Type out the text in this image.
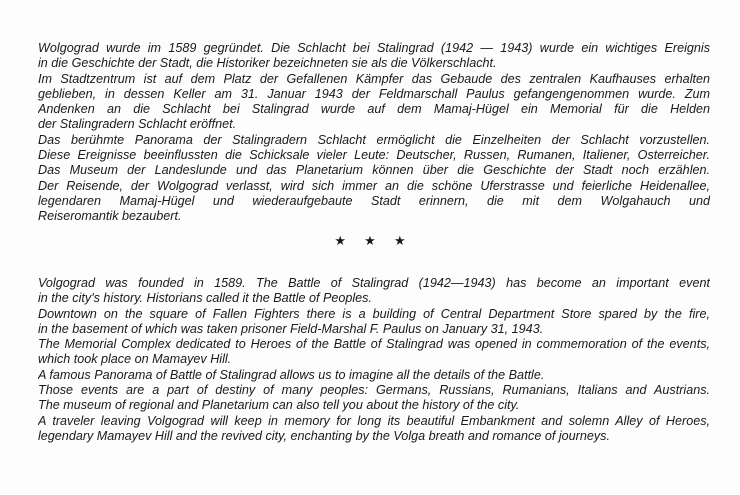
Wolgograd wurde im 1589 gegründet. Die Schlacht bei Stalingrad (1942 — 1943) wurde ein wichtiges Ereignis
in die Geschichte der Stadt, die Historiker bezeichneten sie als die Völkerschlacht.
Im Stadtzentrum ist auf dem Platz der Gefallenen Kämpfer das Gebaude des zentralen Kaufhauses erhalten
geblieben, in dessen Keller am 31. Januar 1943 der Feldmarschall Paulus gefangengenommen wurde. Zum
Andenken an die Schlacht bei Stalingrad wurde auf dem Mamaj-Hügel ein Memorial für die Helden
der Stalingradern Schlacht eröffnet.
Das berühmte Panorama der Stalingradern Schlacht ermöglicht die Einzelheiten der Schlacht vorzustellen.
Diese Ereignisse beeinflussten die Schicksale vieler Leute: Deutscher, Russen, Rumanen, Italiener, Osterreicher.
Das Museum der Landeslunde und das Planetarium können über die Geschichte der Stadt noch erzählen.
Der Reisende, der Wolgograd verlasst, wird sich immer an die schöne Uferstrasse und feierliche Heidenallee,
legendaren Mamaj-Hügel und wiederaufgebaute Stadt erinnern, die mit dem Wolgahauch und
Reiseromantik bezaubert.
★ ★ ★
Volgograd was founded in 1589. The Battle of Stalingrad (1942—1943) has become an important event
in the city's history. Historians called it the Battle of Peoples.
Downtown on the square of Fallen Fighters there is a building of Central Department Store spared by the fire,
in the basement of which was taken prisoner Field-Marshal F. Paulus on January 31, 1943.
The Memorial Complex dedicated to Heroes of the Battle of Stalingrad was opened in commemoration of the events,
which took place on Mamayev Hill.
A famous Panorama of Battle of Stalingrad allows us to imagine all the details of the Battle.
Those events are a part of destiny of many peoples: Germans, Russians, Rumanians, Italians and Austrians.
The museum of regional and Planetarium can also tell you about the history of the city.
A traveler leaving Volgograd will keep in memory for long its beautiful Embankment and solemn Alley of Heroes,
legendary Mamayev Hill and the revived city, enchanting by the Volga breath and romance of journeys.
